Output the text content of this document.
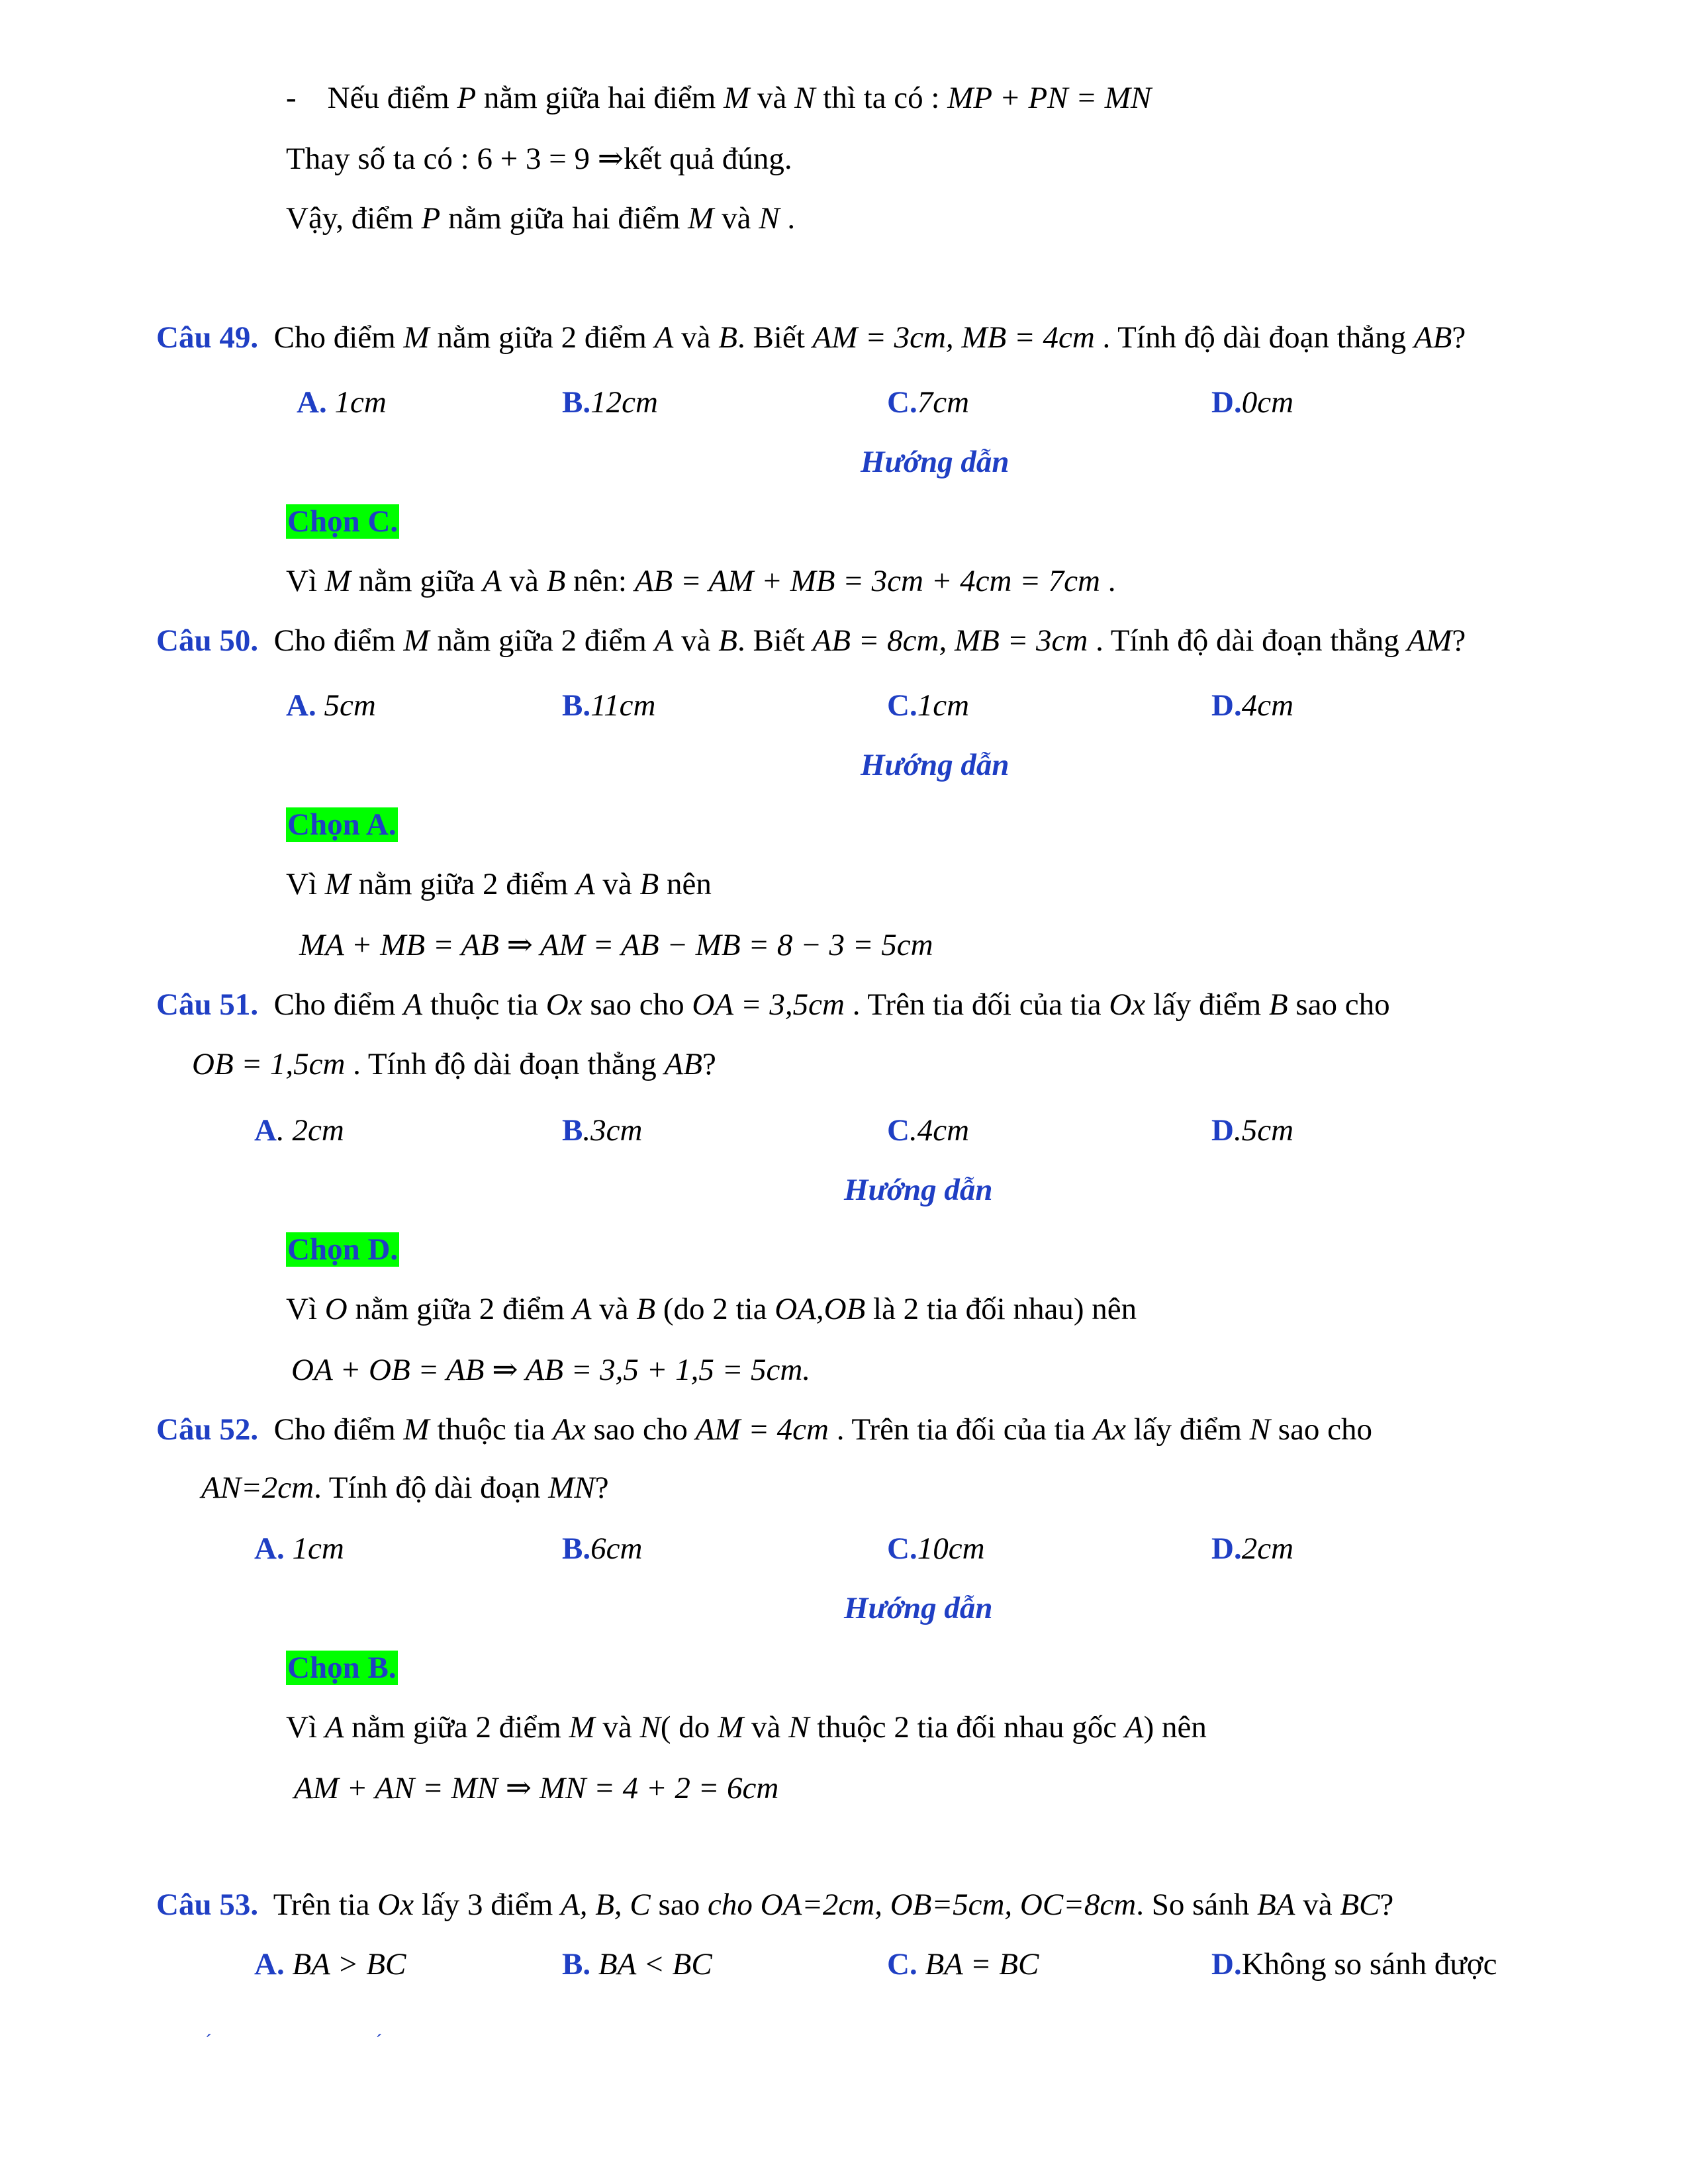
- Nếu điểm P nằm giữa hai điểm M và N thì ta có : MP + PN = MN
Thay số ta có : 6 + 3 = 9 ⇒kết quả đúng.
Vậy, điểm P nằm giữa hai điểm M và N .
Câu 49.  Cho điểm M nằm giữa 2 điểm A và B. Biết AM = 3cm, MB = 4cm . Tính độ dài đoạn thẳng AB?
A. 1cm	B.12cm	C.7cm	D.0cm
Hướng dẫn
Chọn C.
Vì M nằm giữa A và B nên: AB = AM + MB = 3cm + 4cm = 7cm .
Câu 50.  Cho điểm M nằm giữa 2 điểm A và B. Biết AB = 8cm, MB = 3cm . Tính độ dài đoạn thẳng AM?
A. 5cm	B.11cm	C.1cm	D.4cm
Hướng dẫn
Chọn A.
Vì M nằm giữa 2 điểm A và B nên
MA + MB = AB ⇒ AM = AB − MB = 8 − 3 = 5cm
Câu 51.  Cho điểm A thuộc tia Ox sao cho OA = 3,5cm . Trên tia đối của tia Ox lấy điểm B sao cho
OB = 1,5cm . Tính độ dài đoạn thẳng AB?
A. 2cm	B.3cm	C.4cm	D.5cm
Hướng dẫn
Chọn D.
Vì O nằm giữa 2 điểm A và B (do 2 tia OA,OB là 2 tia đối nhau) nên
OA + OB = AB ⇒ AB = 3,5 + 1,5 = 5cm.
Câu 52.  Cho điểm M thuộc tia Ax sao cho AM = 4cm . Trên tia đối của tia Ax lấy điểm N sao cho
AN=2cm. Tính độ dài đoạn MN?
A. 1cm	B.6cm	C.10cm	D.2cm
Hướng dẫn
Chọn B.
Vì A nằm giữa 2 điểm M và N( do M và N thuộc 2 tia đối nhau gốc A) nên
AM + AN = MN ⇒ MN = 4 + 2 = 6cm
Câu 53.  Trên tia Ox lấy 3 điểm A, B, C sao cho OA=2cm, OB=5cm, OC=8cm. So sánh BA và BC?
A. BA > BC	B. BA < BC	C. BA = BC	D.Không so sánh được
´ ´
